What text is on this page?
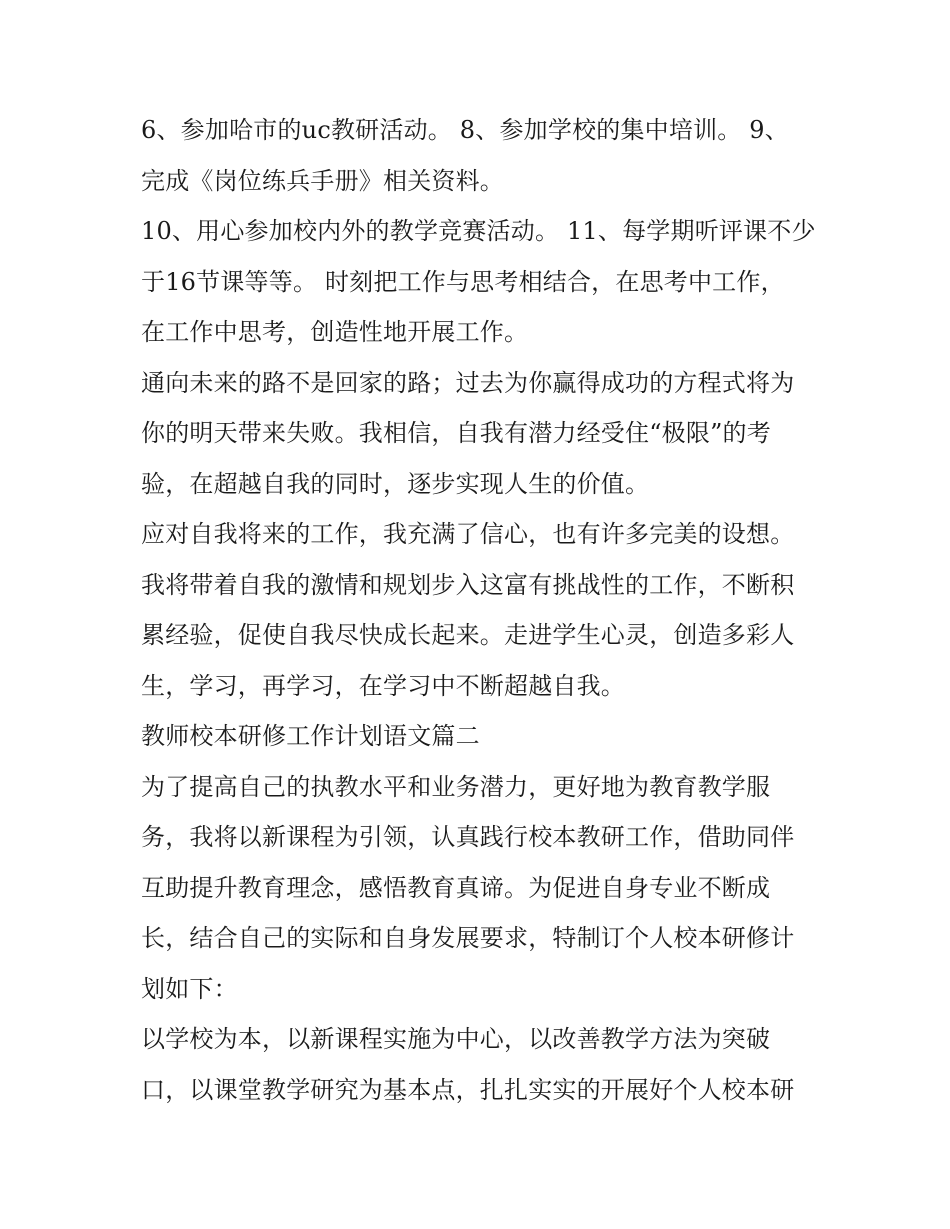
6、参加哈市的uc教研活动。 8、参加学校的集中培训。 9、

完成《岗位练兵手册》相关资料。

10、用心参加校内外的教学竞赛活动。 11、每学期听评课不少

于16节课等等。 时刻把工作与思考相结合，在思考中工作，

在工作中思考，创造性地开展工作。

通向未来的路不是回家的路；过去为你赢得成功的方程式将为

你的明天带来失败。我相信，自我有潜力经受住“极限”的考

验，在超越自我的同时，逐步实现人生的价值。

应对自我将来的工作，我充满了信心，也有许多完美的设想。

我将带着自我的激情和规划步入这富有挑战性的工作，不断积

累经验，促使自我尽快成长起来。走进学生心灵，创造多彩人

生，学习，再学习，在学习中不断超越自我。

教师校本研修工作计划语文篇二

为了提高自己的执教水平和业务潜力，更好地为教育教学服

务，我将以新课程为引领，认真践行校本教研工作，借助同伴

互助提升教育理念，感悟教育真谛。为促进自身专业不断成

长，结合自己的实际和自身发展要求，特制订个人校本研修计

划如下：

以学校为本，以新课程实施为中心，以改善教学方法为突破

口，以课堂教学研究为基本点，扎扎实实的开展好个人校本研
